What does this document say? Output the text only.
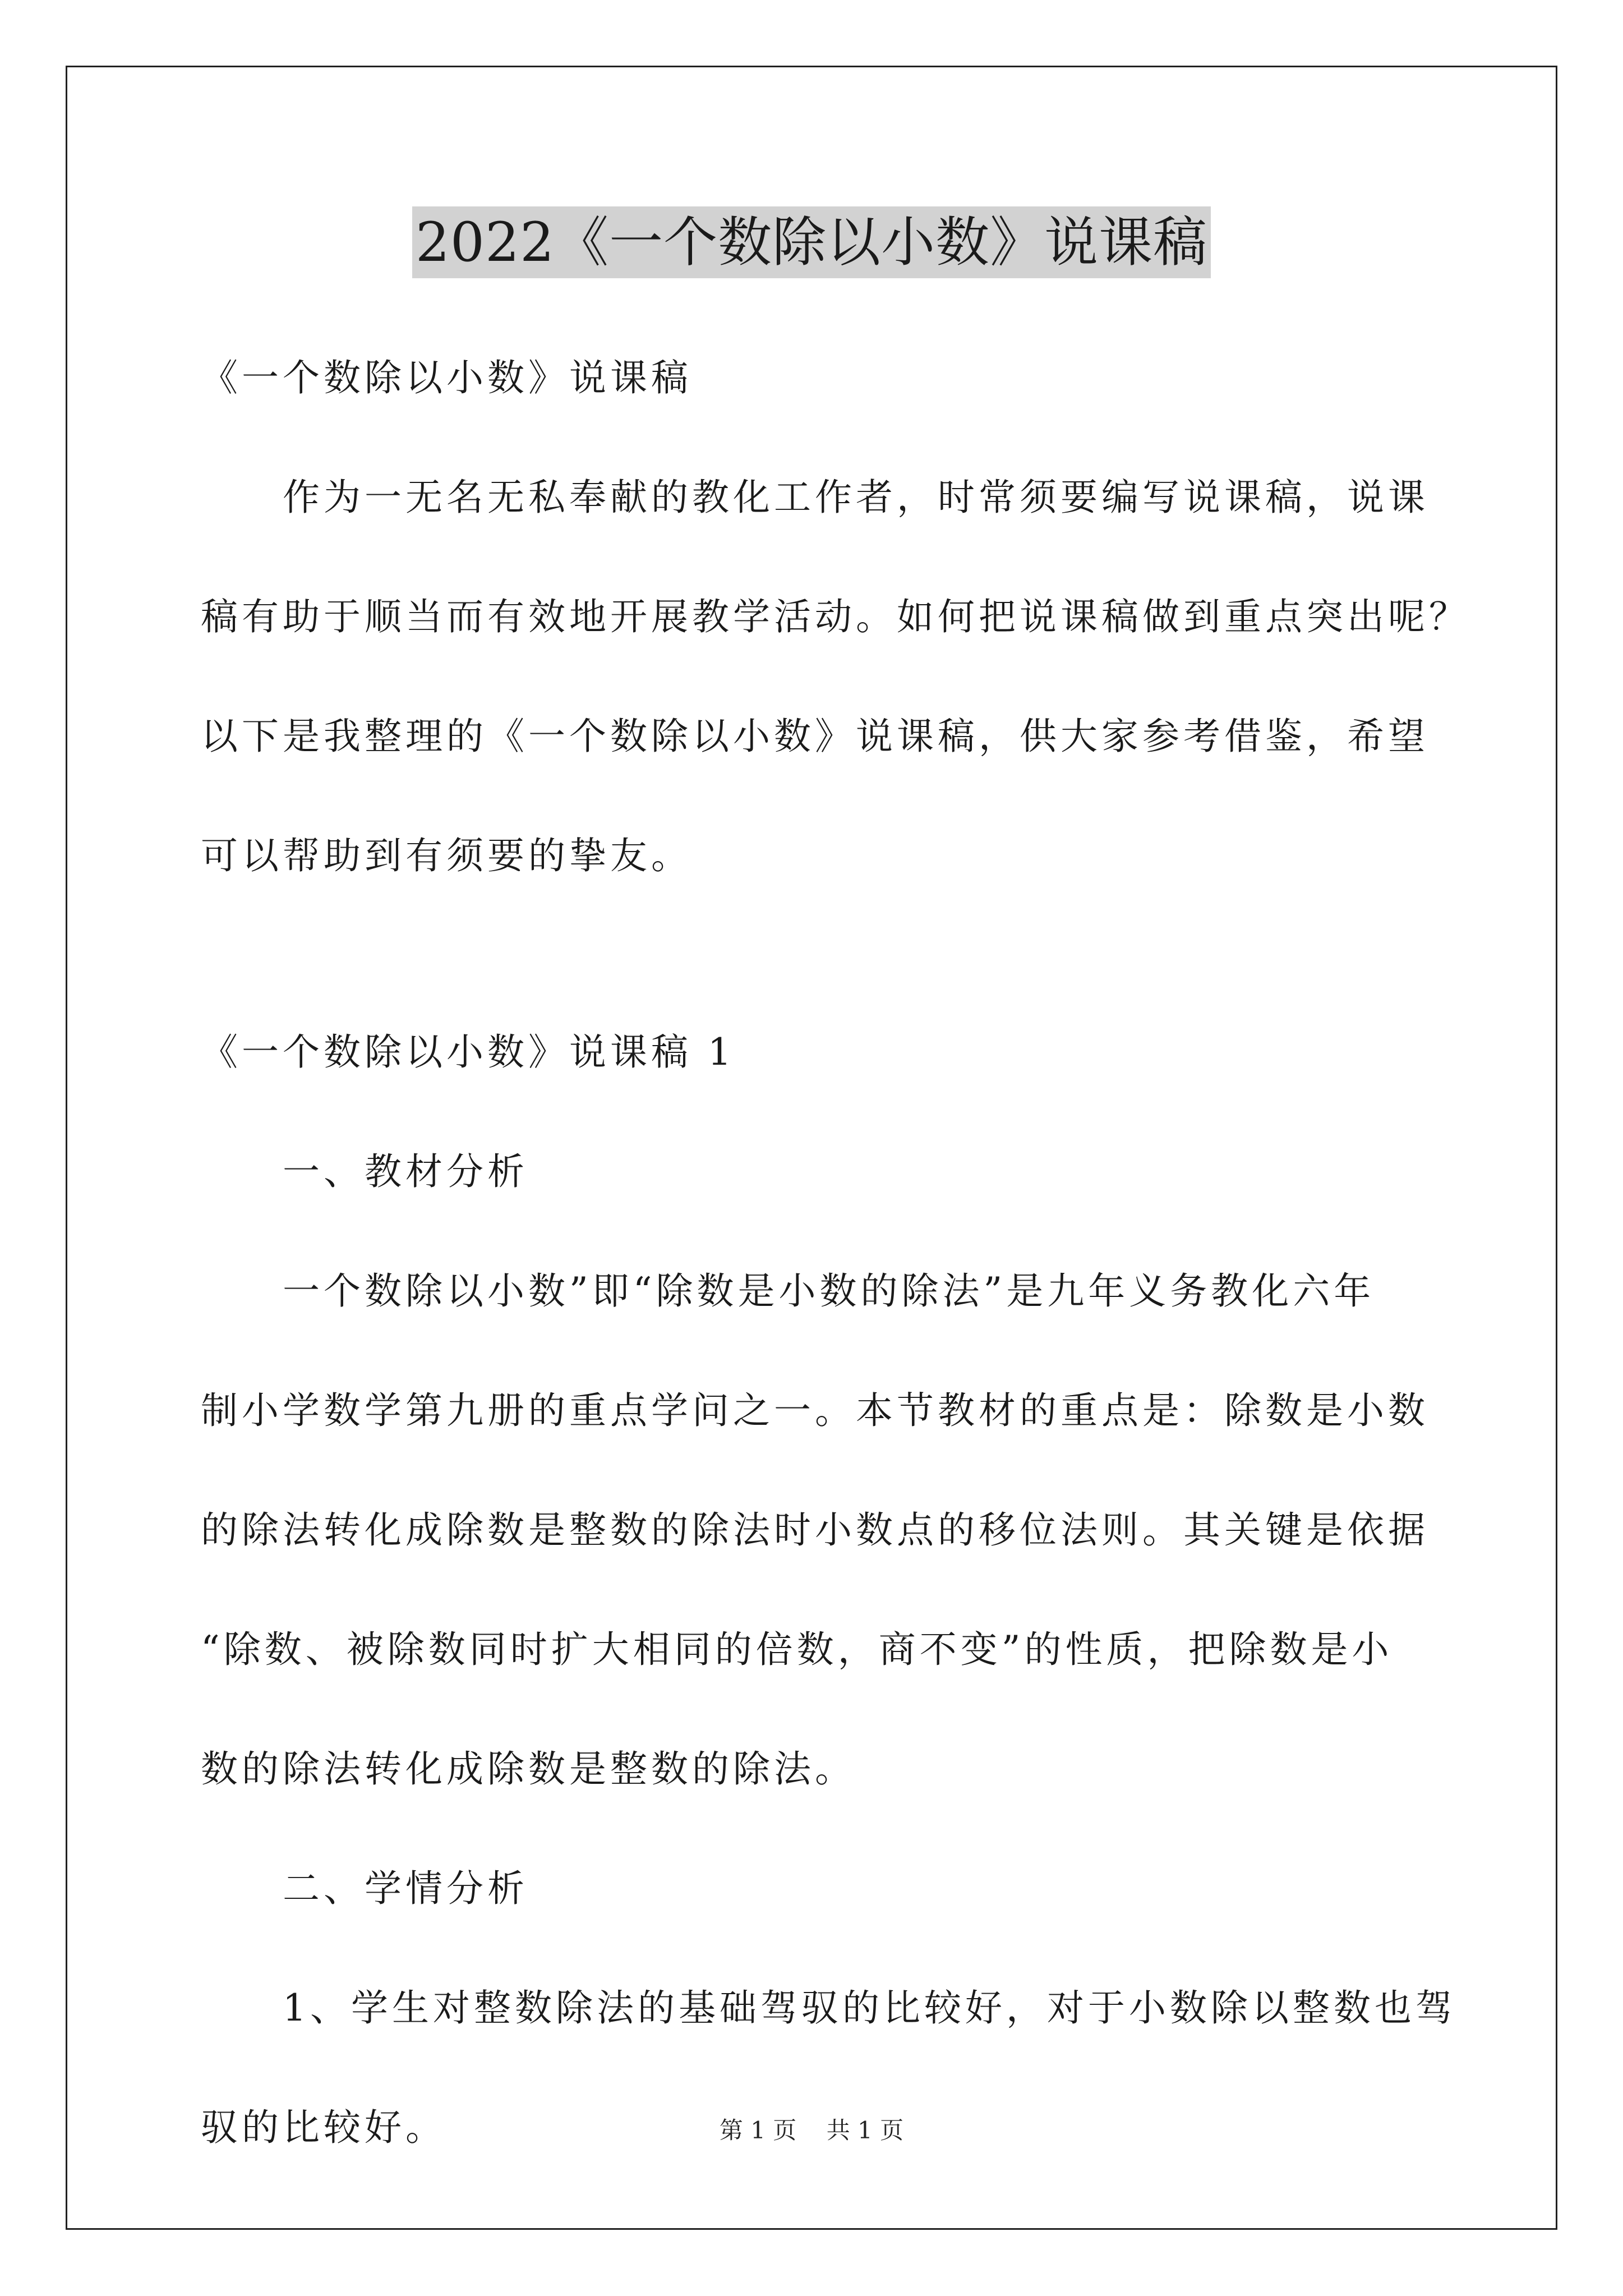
2022《一个数除以小数》说课稿
《一个数除以小数》说课稿
作为一无名无私奉献的教化工作者，时常须要编写说课稿，说课
稿有助于顺当而有效地开展教学活动。如何把说课稿做到重点突出呢？
以下是我整理的《一个数除以小数》说课稿，供大家参考借鉴，希望
可以帮助到有须要的挚友。
《一个数除以小数》说课稿 1
一、教材分析
一个数除以小数”即“除数是小数的除法”是九年义务教化六年
制小学数学第九册的重点学问之一。本节教材的重点是：除数是小数
的除法转化成除数是整数的除法时小数点的移位法则。其关键是依据
“除数、被除数同时扩大相同的倍数，商不变”的性质，把除数是小
数的除法转化成除数是整数的除法。
二、学情分析
1、学生对整数除法的基础驾驭的比较好，对于小数除以整数也驾
驭的比较好。	第 1 页    共 1 页
